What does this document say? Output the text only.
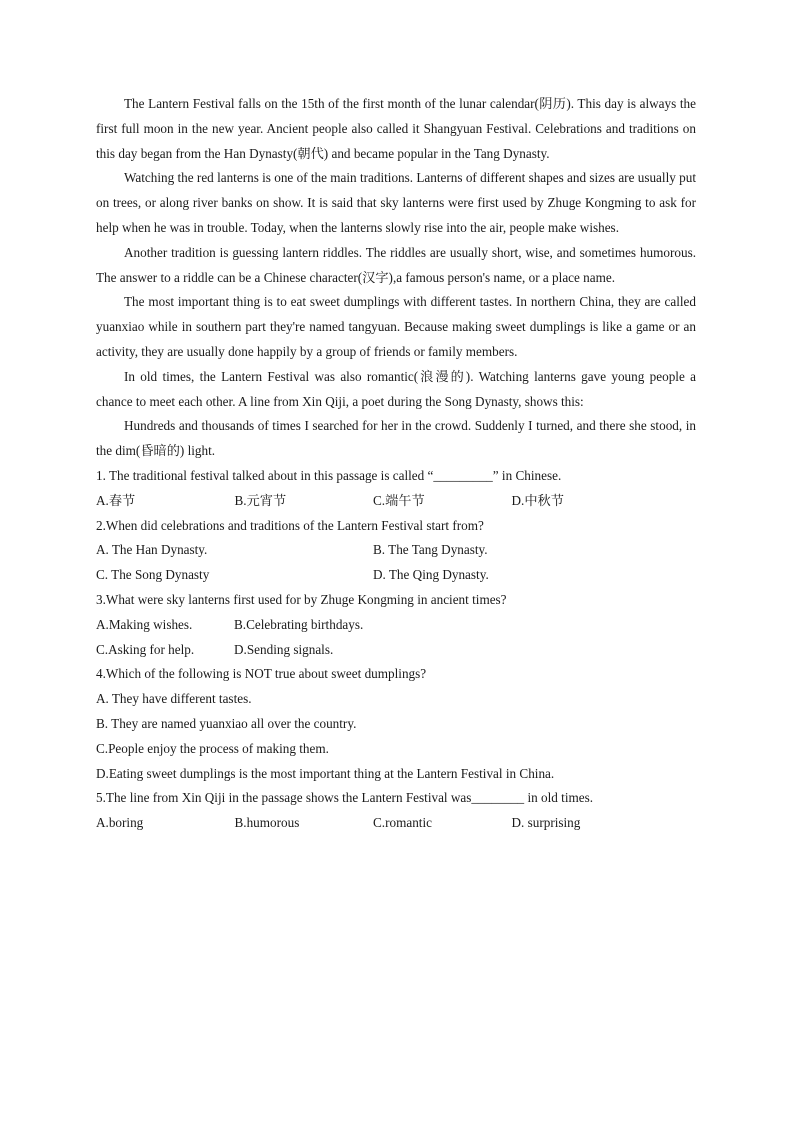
The Lantern Festival falls on the 15th of the first month of the lunar calendar(阴历). This day is always the first full moon in the new year. Ancient people also called it Shangyuan Festival. Celebrations and traditions on this day began from the Han Dynasty(朝代) and became popular in the Tang Dynasty.

Watching the red lanterns is one of the main traditions. Lanterns of different shapes and sizes are usually put on trees, or along river banks on show. It is said that sky lanterns were first used by Zhuge Kongming to ask for help when he was in trouble. Today, when the lanterns slowly rise into the air, people make wishes.

Another tradition is guessing lantern riddles. The riddles are usually short, wise, and sometimes humorous. The answer to a riddle can be a Chinese character(汉字),a famous person's name, or a place name.

The most important thing is to eat sweet dumplings with different tastes. In northern China, they are called yuanxiao while in southern part they're named tangyuan. Because making sweet dumplings is like a game or an activity, they are usually done happily by a group of friends or family members.

In old times, the Lantern Festival was also romantic(浪漫的). Watching lanterns gave young people a chance to meet each other. A line from Xin Qiji, a poet during the Song Dynasty, shows this:

Hundreds and thousands of times I searched for her in the crowd. Suddenly I turned, and there she stood, in the dim(昏暗的) light.

1. The traditional festival talked about in this passage is called “_________” in Chinese.

A.春节	B.元宵节	C.端午节	D.中秋节

2.When did celebrations and traditions of the Lantern Festival start from?

A. The Han Dynasty.	B. The Tang Dynasty.
C. The Song Dynasty	D. The Qing Dynasty.

3.What were sky lanterns first used for by Zhuge Kongming in ancient times?

A.Making wishes.	B.Celebrating birthdays.
C.Asking for help.	D.Sending signals.

4.Which of the following is NOT true about sweet dumplings?

A. They have different tastes.

B. They are named yuanxiao all over the country.

C.People enjoy the process of making them.

D.Eating sweet dumplings is the most important thing at the Lantern Festival in China.

5.The line from Xin Qiji in the passage shows the Lantern Festival was________ in old times.

A.boring	B.humorous	C.romantic	D. surprising
